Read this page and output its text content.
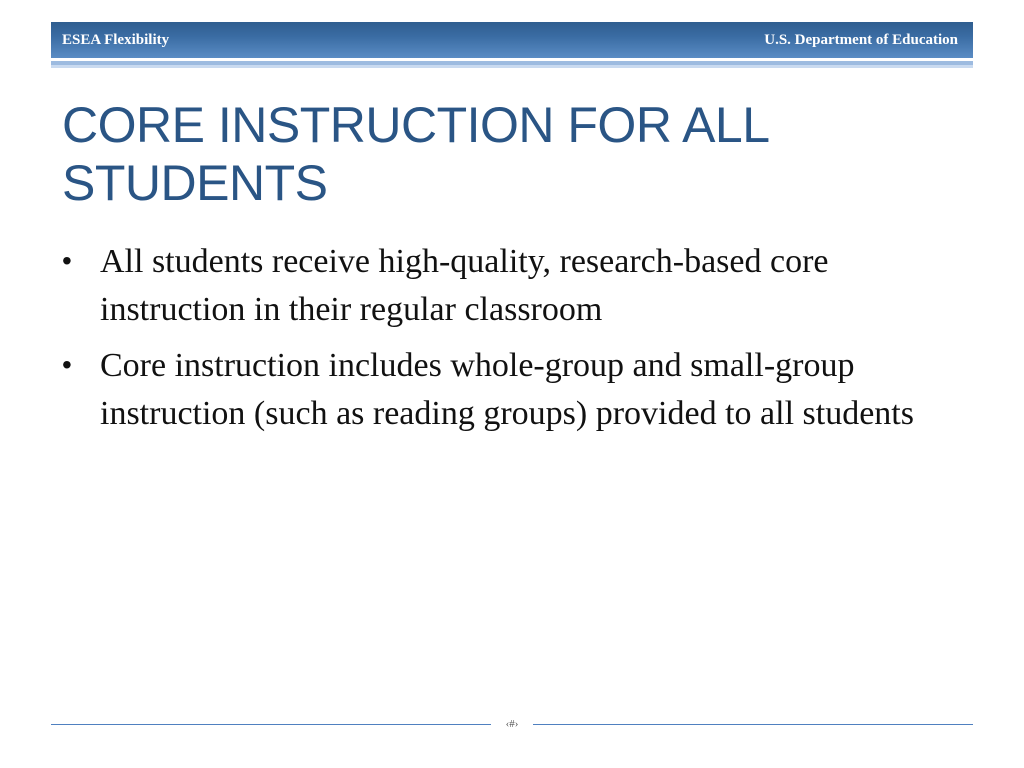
ESEA Flexibility	U.S. Department of Education
CORE INSTRUCTION FOR ALL STUDENTS
• All students receive high-quality, research-based core instruction in their regular classroom
• Core instruction includes whole-group and small-group instruction (such as reading groups) provided to all students
‹#›
